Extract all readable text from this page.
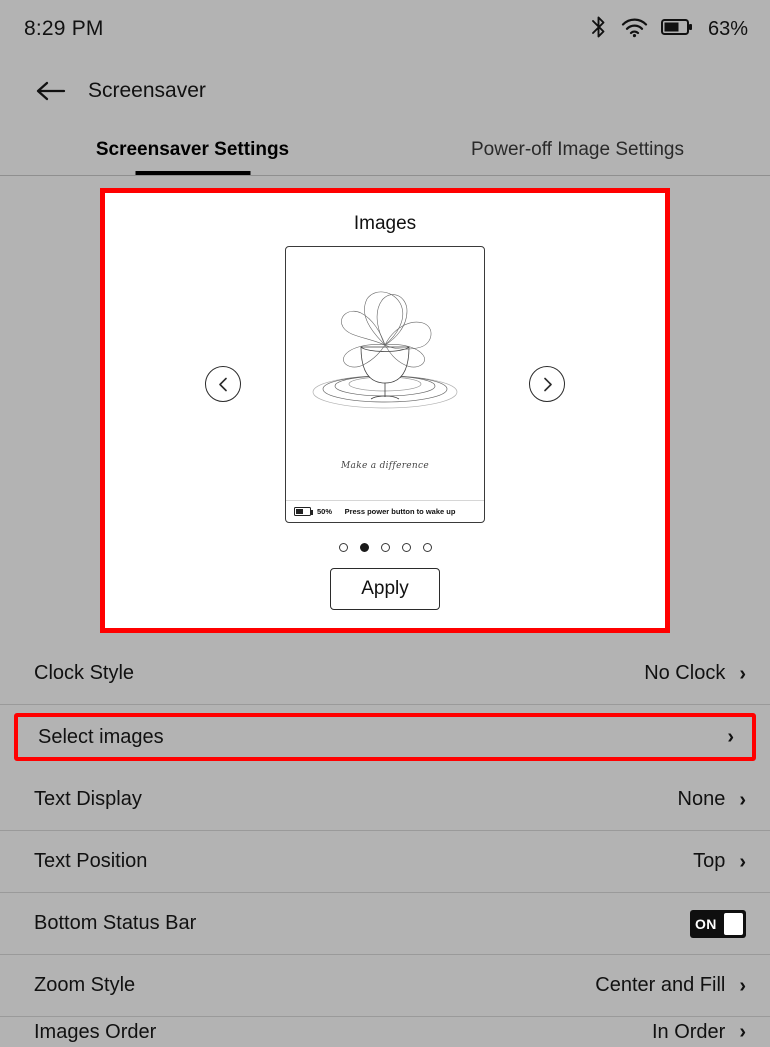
8:29 PM	63%
Screensaver
Screensaver Settings	Power-off Image Settings
Images
Make a difference
50% Press power button to wake up
Apply
Clock Style	No Clock ›
Select images	›
Text Display	None ›
Text Position	Top ›
Bottom Status Bar	ON
Zoom Style	Center and Fill ›
Images Order	In Order ›
